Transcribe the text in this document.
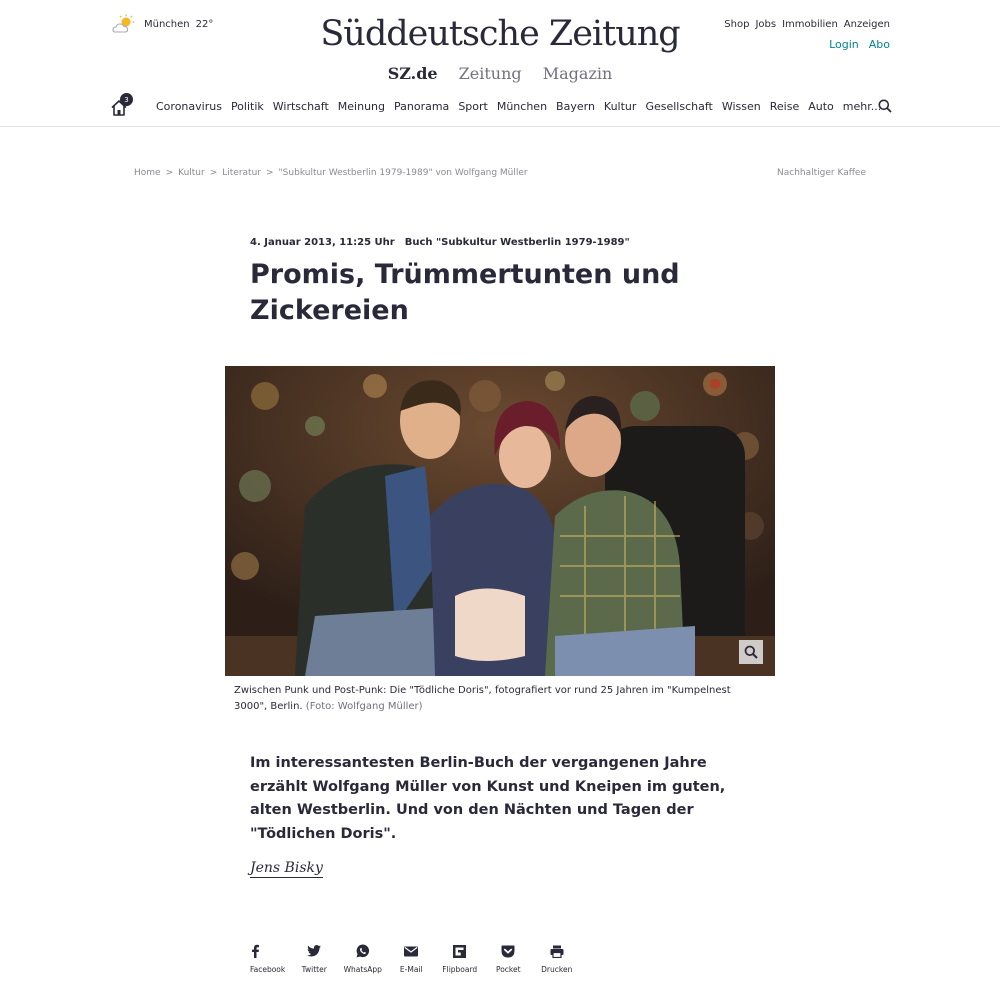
München 22°	Süddeutsche Zeitung
SZ.de Zeitung Magazin
Shop Jobs Immobilien Anzeigen
Login Abo
3	Coronavirus Politik Wirtschaft Meinung Panorama Sport München Bayern Kultur Gesellschaft Wissen Reise Auto mehr...
Home > Kultur > Literatur > "Subkultur Westberlin 1979-1989" von Wolfgang Müller	Nachhaltiger Kaffee
4. Januar 2013, 11:25 Uhr Buch "Subkultur Westberlin 1979-1989"
Promis, Trümmertunten und Zickereien

Zwischen Punk und Post-Punk: Die "Tödliche Doris", fotografiert vor rund 25 Jahren im "Kumpelnest 3000", Berlin. (Foto: Wolfgang Müller)

Im interessantesten Berlin-Buch der vergangenen Jahre erzählt Wolfgang Müller von Kunst und Kneipen im guten, alten Westberlin. Und von den Nächten und Tagen der "Tödlichen Doris".

Jens Bisky
Facebook Twitter WhatsApp E-Mail	Flipboard Pocket	Drucken
